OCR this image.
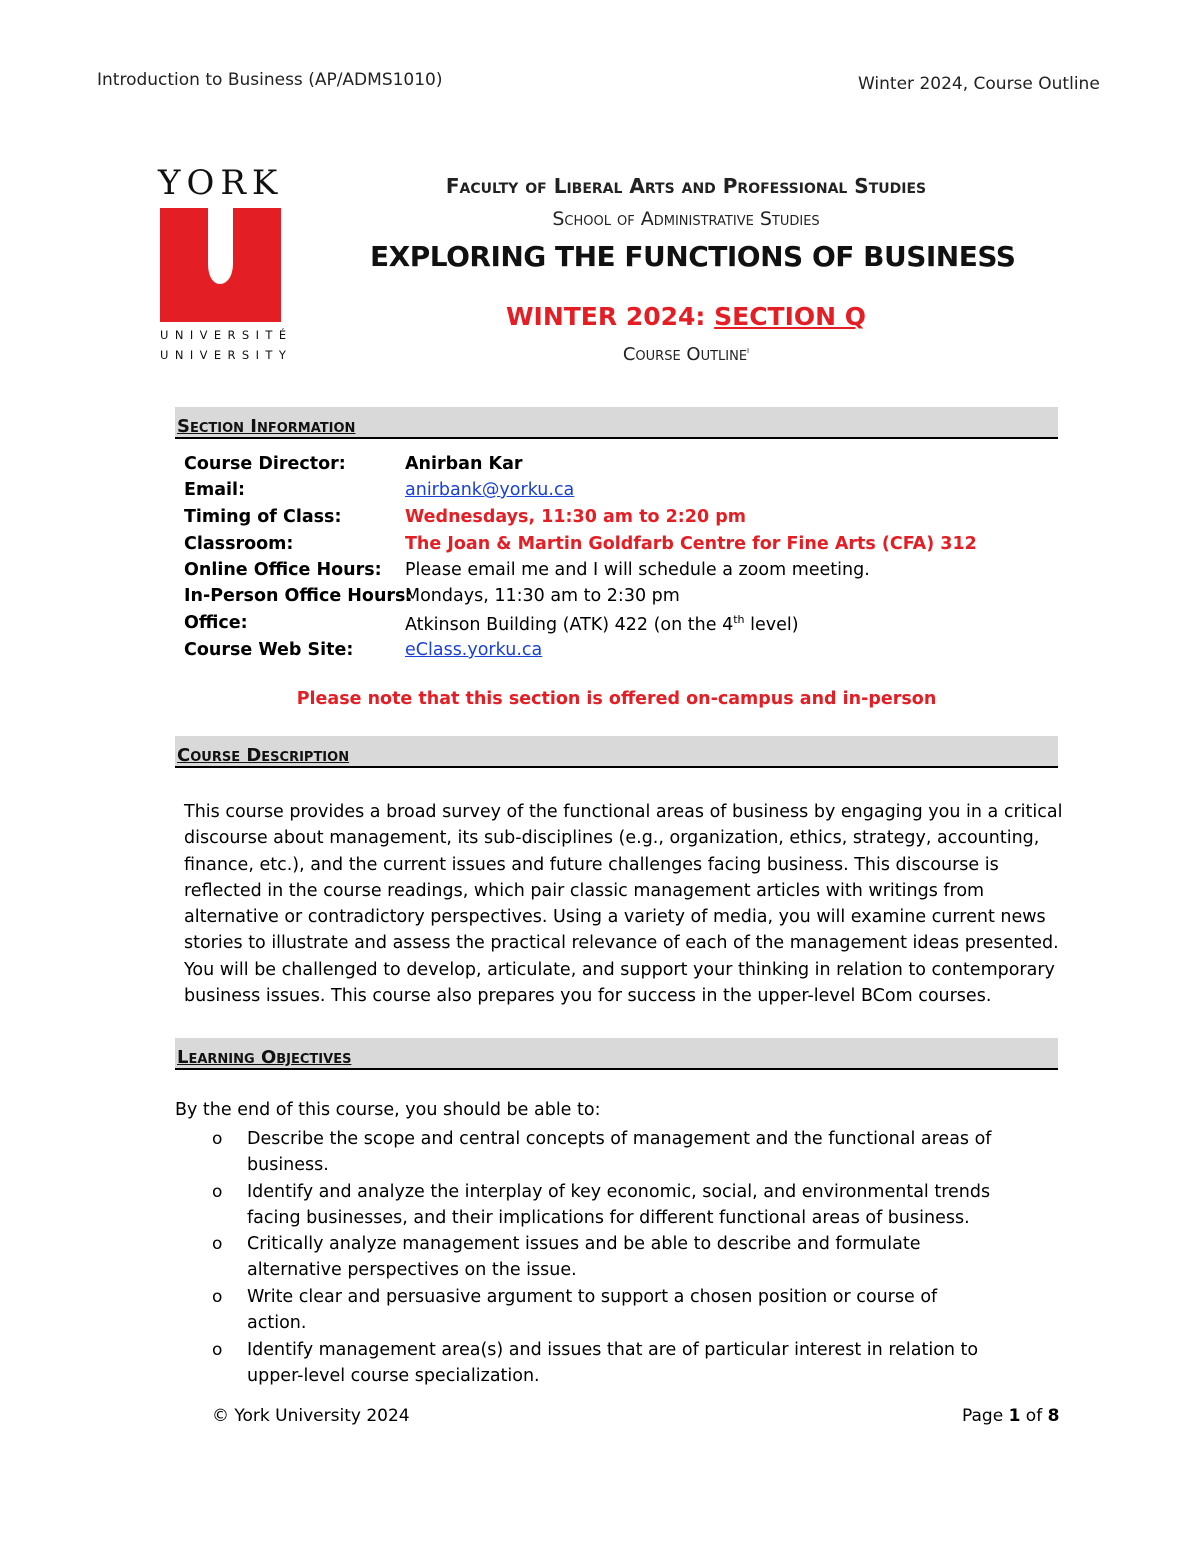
Introduction to Business (AP/ADMS1010)	Winter 2024, Course Outline
YORK
UNIVERSITÉ
UNIVERSITY
Faculty of Liberal Arts and Professional Studies
School of Administrative Studies
EXPLORING THE FUNCTIONS OF BUSINESS
WINTER 2024: SECTION Q
Course Outline$^i$
Section Information
Course Director:	Anirban Kar
Email:	anirbank@yorku.ca
Timing of Class:	Wednesdays, 11:30 am to 2:20 pm
Classroom:	The Joan & Martin Goldfarb Centre for Fine Arts (CFA) 312
Online Office Hours: Please email me and I will schedule a zoom meeting.
In-Person Office Hours:
Mondays, 11:30 am to 2:30 pm
Office:	Atkinson Building (ATK) 422 (on the 4th level)
Course Web Site:	eClass.yorku.ca
Please note that this section is offered on-campus and in-person
Course Description

This course provides a broad survey of the functional areas of business by engaging you in a critical

discourse about management, its sub-disciplines (e.g., organization, ethics, strategy, accounting,

finance, etc.), and the current issues and future challenges facing business. This discourse is

reflected in the course readings, which pair classic management articles with writings from

alternative or contradictory perspectives. Using a variety of media, you will examine current news

stories to illustrate and assess the practical relevance of each of the management ideas presented.

You will be challenged to develop, articulate, and support your thinking in relation to contemporary

business issues. This course also prepares you for success in the upper-level BCom courses.

Learning Objectives
By the end of this course, you should be able to:
o Describe the scope and central concepts of management and the functional areas of
business.
o Identify and analyze the interplay of key economic, social, and environmental trends
facing businesses, and their implications for different functional areas of business.
o Critically analyze management issues and be able to describe and formulate
alternative perspectives on the issue.
o Write clear and persuasive argument to support a chosen position or course of
action.
o Identify management area(s) and issues that are of particular interest in relation to
upper-level course specialization.
© York University 2024	Page 1 of 8
